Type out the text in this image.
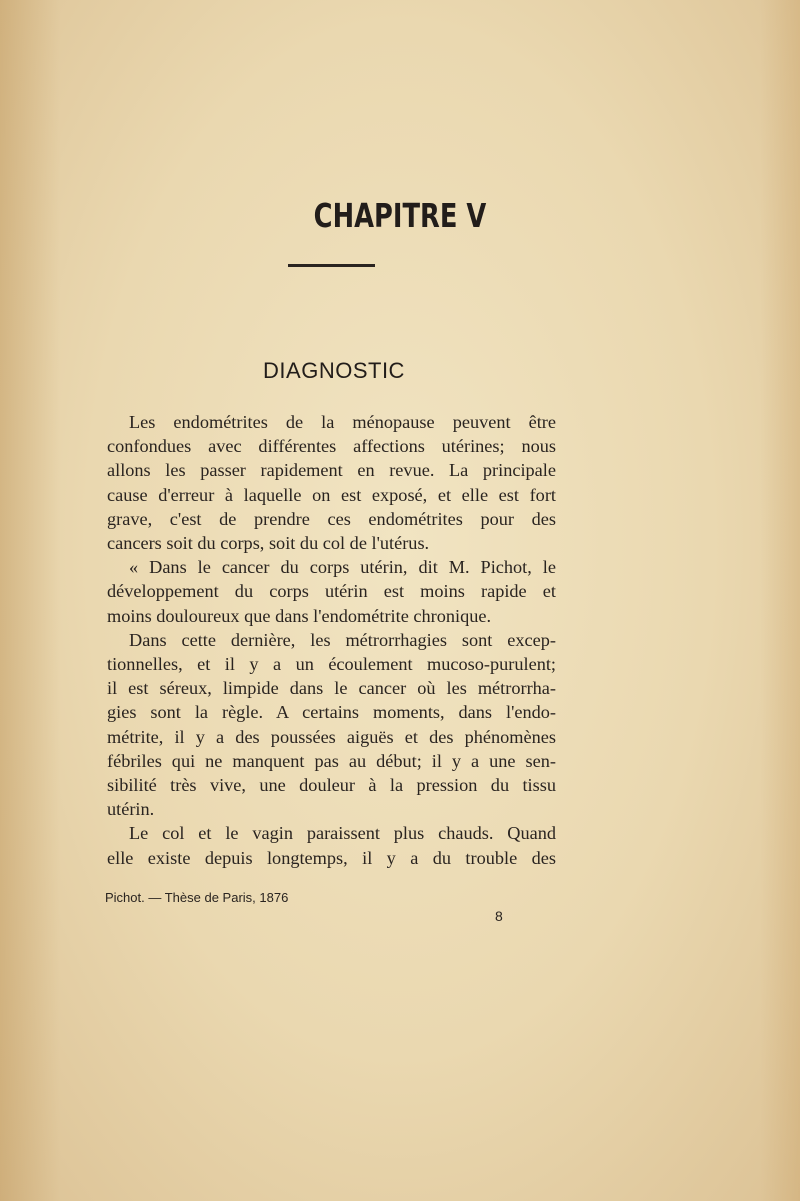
CHAPITRE V
DIAGNOSTIC
Les endométrites de la ménopause peuvent être
confondues avec différentes affections utérines; nous
allons les passer rapidement en revue. La principale
cause d'erreur à laquelle on est exposé, et elle est fort
grave, c'est de prendre ces endométrites pour des
cancers soit du corps, soit du col de l'utérus.
« Dans le cancer du corps utérin, dit M. Pichot, le
développement du corps utérin est moins rapide et
moins douloureux que dans l'endométrite chronique.
Dans cette dernière, les métrorrhagies sont excep-
tionnelles, et il y a un écoulement mucoso-purulent;
il est séreux, limpide dans le cancer où les métrorrha-
gies sont la règle. A certains moments, dans l'endo-
métrite, il y a des poussées aiguës et des phénomènes
fébriles qui ne manquent pas au début; il y a une sen-
sibilité très vive, une douleur à la pression du tissu
utérin.
Le col et le vagin paraissent plus chauds. Quand
elle existe depuis longtemps, il y a du trouble des
Pichot. — Thèse de Paris, 1876
8
